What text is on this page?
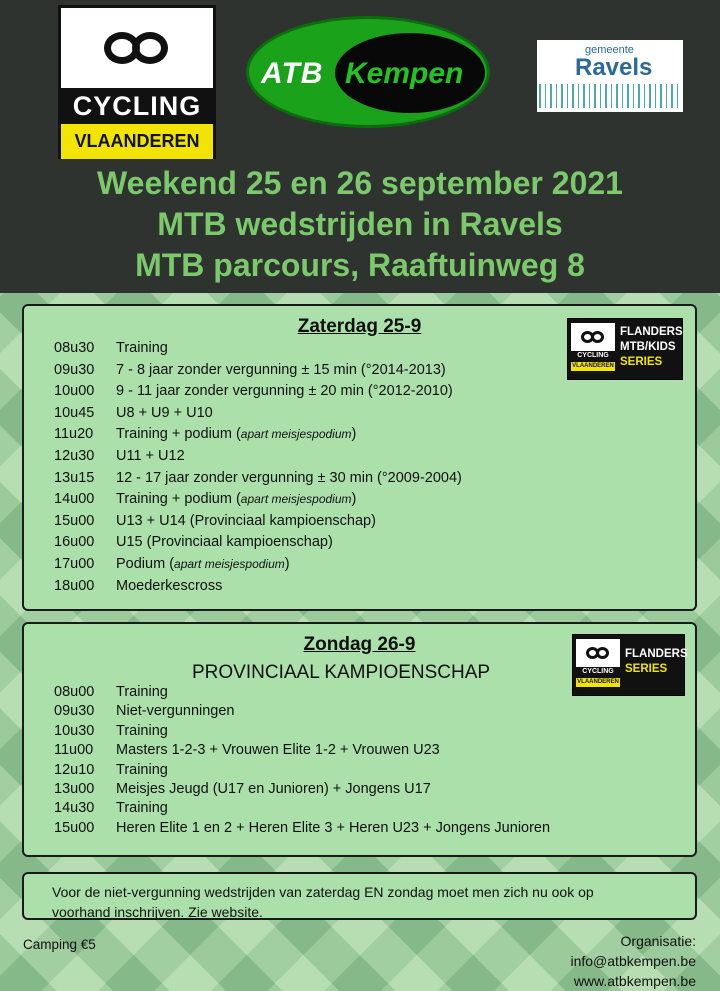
CYCLING
VLAANDEREN
ATB Kempen
gemeente
Ravels
Weekend 25 en 26 september 2021
MTB wedstrijden in Ravels
MTB parcours, Raaftuinweg 8
Zaterdag 25-9
CYCLING
VLAANDEREN
FLANDERS
MTB/KIDS
SERIES
08u30 Training
09u30 7 - 8 jaar zonder vergunning ± 15 min (°2014-2013)
10u00 9 - 11 jaar zonder vergunning ± 20 min (°2012-2010)
10u45 U8 + U9 + U10
11u20 Training + podium (apart meisjespodium)
12u30 U11 + U12
13u15 12 - 17 jaar zonder vergunning ± 30 min (°2009-2004)
14u00 Training + podium (apart meisjespodium)
15u00 U13 + U14 (Provinciaal kampioenschap)
16u00 U15 (Provinciaal kampioenschap)
17u00 Podium (apart meisjespodium)
18u00 Moederkescross
Zondag 26-9
PROVINCIAAL KAMPIOENSCHAP	CYCLING
VLAANDEREN
FLANDERS
SERIES
08u00 Training
09u30 Niet-vergunningen
10u30 Training
11u00 Masters 1-2-3 + Vrouwen Elite 1-2 + Vrouwen U23
12u10 Training
13u00 Meisjes Jeugd (U17 en Junioren) + Jongens U17
14u30 Training
15u00 Heren Elite 1 en 2 + Heren Elite 3 + Heren U23 + Jongens Junioren
Voor de niet-vergunning wedstrijden van zaterdag EN zondag moet men zich nu ook op
voorhand inschrijven. Zie website.
Camping €5	Organisatie:
info@atbkempen.be
www.atbkempen.be
